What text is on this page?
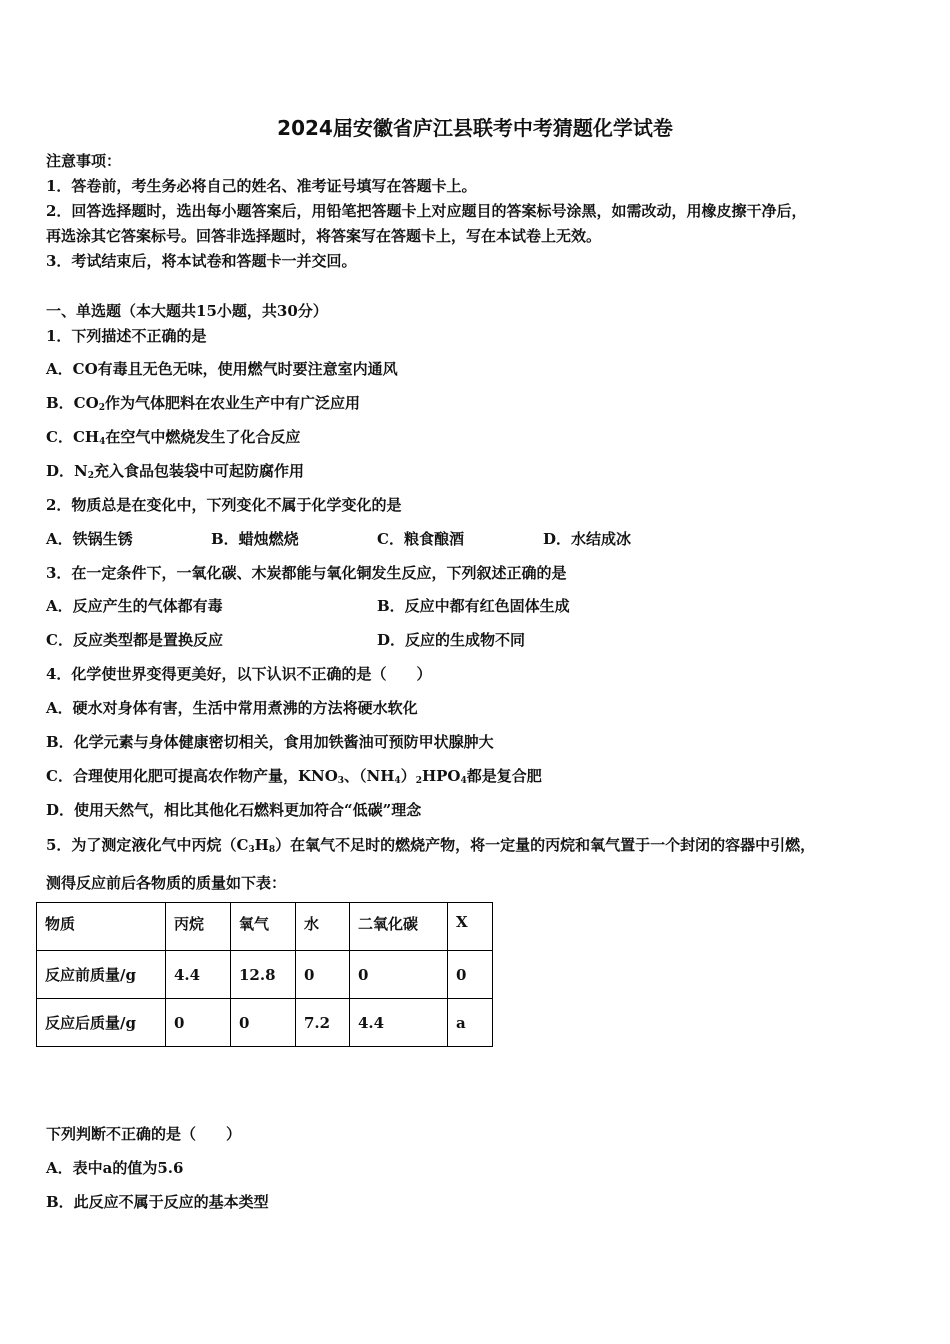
2024届安徽省庐江县联考中考猜题化学试卷
注意事项：
1．答卷前，考生务必将自己的姓名、准考证号填写在答题卡上。
2．回答选择题时，选出每小题答案后，用铅笔把答题卡上对应题目的答案标号涂黑，如需改动，用橡皮擦干净后，
再选涂其它答案标号。回答非选择题时，将答案写在答题卡上，写在本试卷上无效。
3．考试结束后，将本试卷和答题卡一并交回。
一、单选题（本大题共15小题，共30分）
1．下列描述不正确的是
A．CO有毒且无色无味，使用燃气时要注意室内通风
B．$CO_2$作为气体肥料在农业生产中有广泛应用
C．$CH_4$在空气中燃烧发生了化合反应
D．$N_2$充入食品包装袋中可起防腐作用
2．物质总是在变化中，下列变化不属于化学变化的是
A．铁锅生锈	B．蜡烛燃烧	C．粮食酿酒	D．水结成冰
3．在一定条件下，一氧化碳、木炭都能与氧化铜发生反应，下列叙述正确的是
A．反应产生的气体都有毒	B．反应中都有红色固体生成
C．反应类型都是置换反应	D．反应的生成物不同
4．化学使世界变得更美好，以下认识不正确的是（　　）
A．硬水对身体有害，生活中常用煮沸的方法将硬水软化
B．化学元素与身体健康密切相关，食用加铁酱油可预防甲状腺肿大
C．合理使用化肥可提高农作物产量，$KNO_3$、$(NH_4)_2HPO_4$都是复合肥
D．使用天然气，相比其他化石燃料更加符合“低碳”理念
5．为了测定液化气中丙烷$(C_3H_8)$在氧气不足时的燃烧产物，将一定量的丙烷和氧气置于一个封闭的容器中引燃，
测得反应前后各物质的质量如下表：
物质	丙烷	氧气	水	二氧化碳	X
反应前质量/g	4.4	12.8	0	0	0
反应后质量/g	0	0	7.2	4.4	a
下列判断不正确的是（　　）
A．表中a的值为5.6
B．此反应不属于反应的基本类型
